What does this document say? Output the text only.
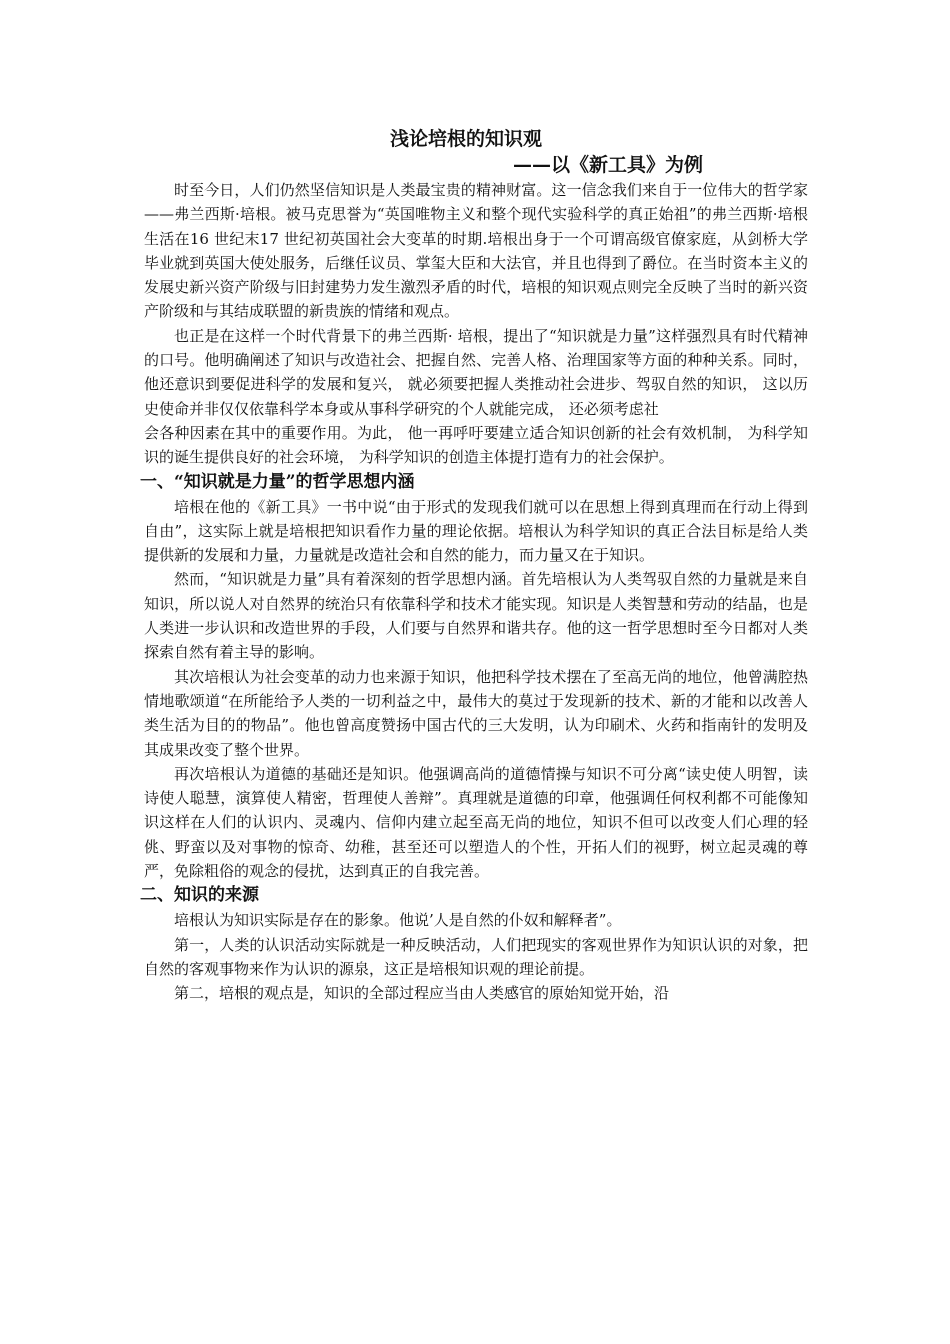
浅论培根的知识观
——以《新工具》为例

时至今日，人们仍然坚信知识是人类最宝贵的精神财富。这一信念我们来自于一位伟大的哲学家——弗兰西斯·培根。被马克思誉为“英国唯物主义和整个现代实验科学的真正始祖”的弗兰西斯·培根生活在16 世纪末17 世纪初英国社会大变革的时期.培根出身于一个可谓高级官僚家庭，从剑桥大学毕业就到英国大使处服务，后继任议员、掌玺大臣和大法官，并且也得到了爵位。在当时资本主义的发展史新兴资产阶级与旧封建势力发生激烈矛盾的时代，培根的知识观点则完全反映了当时的新兴资产阶级和与其结成联盟的新贵族的情绪和观点。

也正是在这样一个时代背景下的弗兰西斯· 培根，提出了“知识就是力量”这样强烈具有时代精神的口号。他明确阐述了知识与改造社会、把握自然、完善人格、治理国家等方面的种种关系。同时， 他还意识到要促进科学的发展和复兴， 就必须要把握人类推动社会进步、驾驭自然的知识， 这以历史使命并非仅仅依靠科学本身或从事科学研究的个人就能完成， 还必须考虑社

会各种因素在其中的重要作用。为此， 他一再呼吁要建立适合知识创新的社会有效机制， 为科学知识的诞生提供良好的社会环境， 为科学知识的创造主体提打造有力的社会保护。

一、“知识就是力量”的哲学思想内涵

培根在他的《新工具》一书中说“由于形式的发现我们就可以在思想上得到真理而在行动上得到自由”，这实际上就是培根把知识看作力量的理论依据。培根认为科学知识的真正合法目标是给人类提供新的发展和力量，力量就是改造社会和自然的能力，而力量又在于知识。

然而，“知识就是力量”具有着深刻的哲学思想内涵。首先培根认为人类驾驭自然的力量就是来自知识，所以说人对自然界的统治只有依靠科学和技术才能实现。知识是人类智慧和劳动的结晶，也是人类进一步认识和改造世界的手段，人们要与自然界和谐共存。他的这一哲学思想时至今日都对人类探索自然有着主导的影响。

其次培根认为社会变革的动力也来源于知识，他把科学技术摆在了至高无尚的地位，他曾满腔热情地歌颂道“在所能给予人类的一切利益之中，最伟大的莫过于发现新的技术、新的才能和以改善人类生活为目的的物品”。他也曾高度赞扬中国古代的三大发明，认为印刷术、火药和指南针的发明及其成果改变了整个世界。

再次培根认为道德的基础还是知识。他强调高尚的道德情操与知识不可分离“读史使人明智，读诗使人聪慧，演算使人精密，哲理使人善辩”。真理就是道德的印章，他强调任何权利都不可能像知识这样在人们的认识内、灵魂内、信仰内建立起至高无尚的地位，知识不但可以改变人们心理的轻佻、野蛮以及对事物的惊奇、幼稚，甚至还可以塑造人的个性，开拓人们的视野，树立起灵魂的尊严，免除粗俗的观念的侵扰，达到真正的自我完善。

二、知识的来源

培根认为知识实际是存在的影象。他说’人是自然的仆奴和解释者”。

第一，人类的认识活动实际就是一种反映活动，人们把现实的客观世界作为知识认识的对象，把自然的客观事物来作为认识的源泉，这正是培根知识观的理论前提。

第二，培根的观点是，知识的全部过程应当由人类感官的原始知觉开始，沿
